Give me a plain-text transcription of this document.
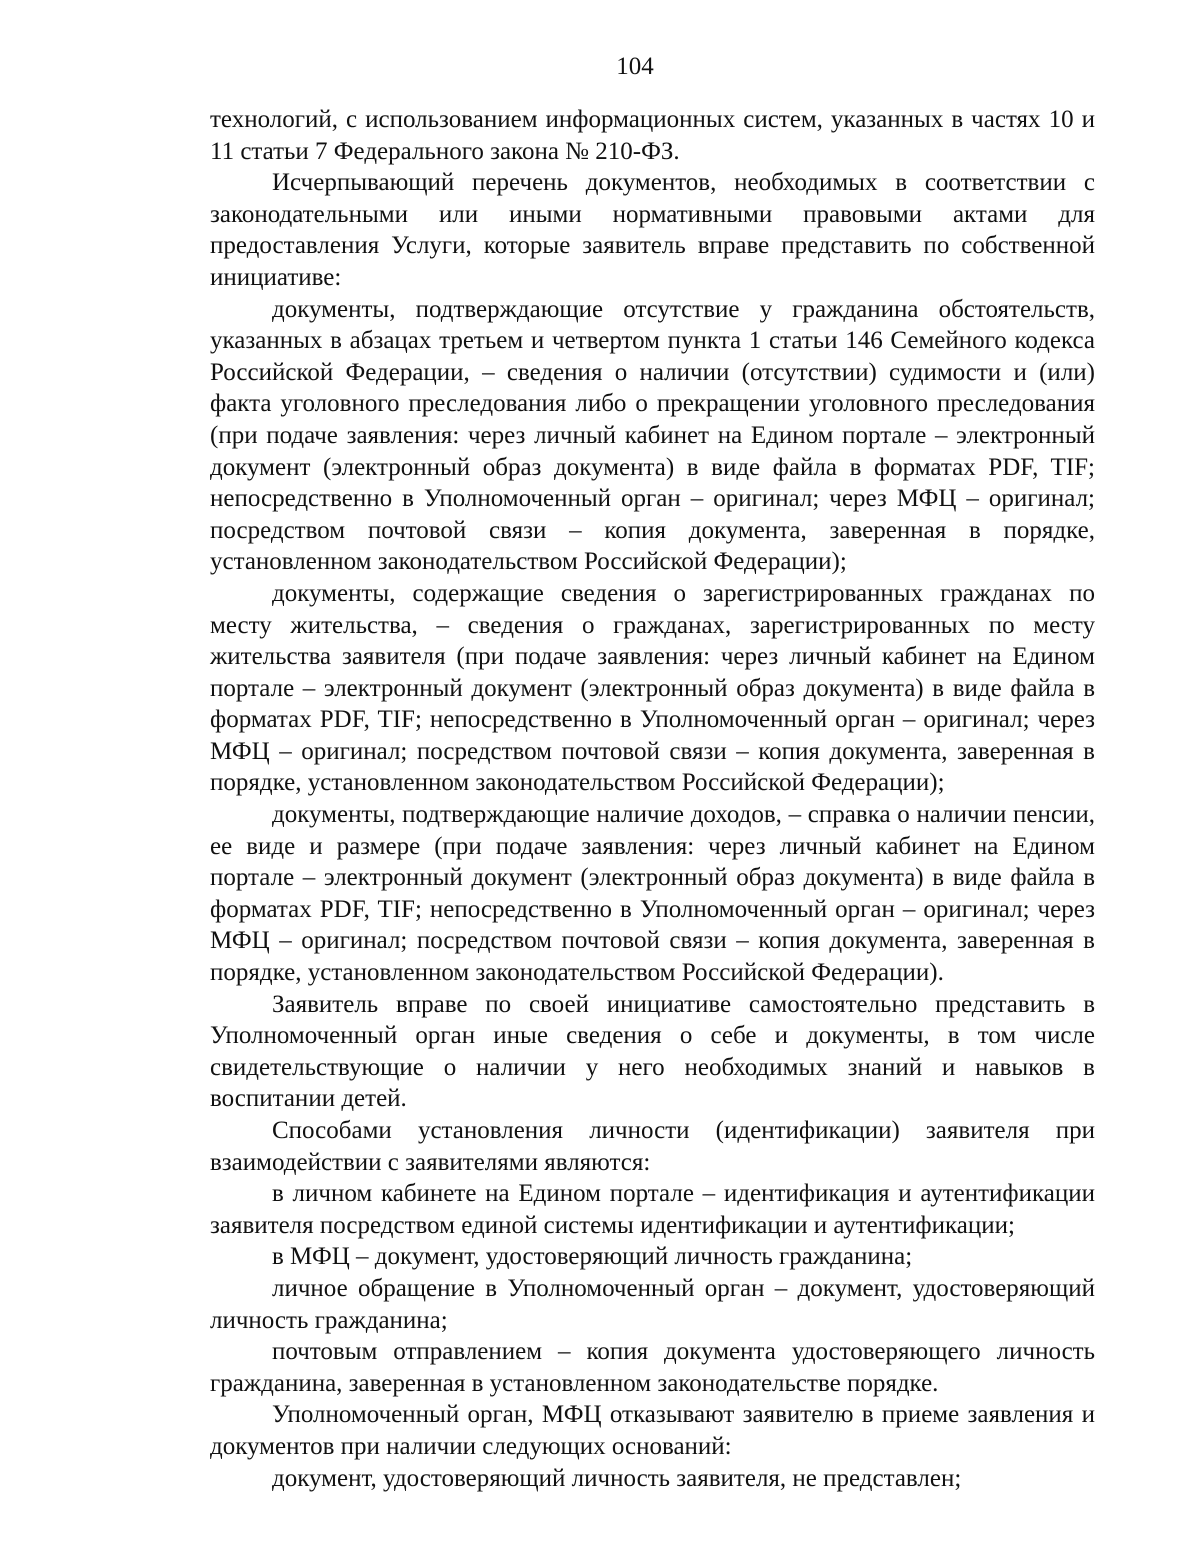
104

технологий, с использованием информационных систем, указанных в частях 10 и 11 статьи 7 Федерального закона № 210-ФЗ.

Исчерпывающий перечень документов, необходимых в соответствии с законодательными или иными нормативными правовыми актами для предоставления Услуги, которые заявитель вправе представить по собственной инициативе:

документы, подтверждающие отсутствие у гражданина обстоятельств, указанных в абзацах третьем и четвертом пункта 1 статьи 146 Семейного кодекса Российской Федерации, – сведения о наличии (отсутствии) судимости и (или) факта уголовного преследования либо о прекращении уголовного преследования (при подаче заявления: через личный кабинет на Едином портале – электронный документ (электронный образ документа) в виде файла в форматах PDF, TIF; непосредственно в Уполномоченный орган – оригинал; через МФЦ – оригинал; посредством почтовой связи – копия документа, заверенная в порядке, установленном законодательством Российской Федерации);

документы, содержащие сведения о зарегистрированных гражданах по месту жительства, – сведения о гражданах, зарегистрированных по месту жительства заявителя (при подаче заявления: через личный кабинет на Едином портале – электронный документ (электронный образ документа) в виде файла в форматах PDF, TIF; непосредственно в Уполномоченный орган – оригинал; через МФЦ – оригинал; посредством почтовой связи – копия документа, заверенная в порядке, установленном законодательством Российской Федерации);

документы, подтверждающие наличие доходов, – справка о наличии пенсии, ее виде и размере (при подаче заявления: через личный кабинет на Едином портале – электронный документ (электронный образ документа) в виде файла в форматах PDF, TIF; непосредственно в Уполномоченный орган – оригинал; через МФЦ – оригинал; посредством почтовой связи – копия документа, заверенная в порядке, установленном законодательством Российской Федерации).

Заявитель вправе по своей инициативе самостоятельно представить в Уполномоченный орган иные сведения о себе и документы, в том числе свидетельствующие о наличии у него необходимых знаний и навыков в воспитании детей.

Способами установления личности (идентификации) заявителя при взаимодействии с заявителями являются:

в личном кабинете на Едином портале – идентификация и аутентификации заявителя посредством единой системы идентификации и аутентификации;

в МФЦ – документ, удостоверяющий личность гражданина;

личное обращение в Уполномоченный орган – документ, удостоверяющий личность гражданина;

почтовым отправлением – копия документа удостоверяющего личность гражданина, заверенная в установленном законодательстве порядке.

Уполномоченный орган, МФЦ отказывают заявителю в приеме заявления и документов при наличии следующих оснований:

документ, удостоверяющий личность заявителя, не представлен;
